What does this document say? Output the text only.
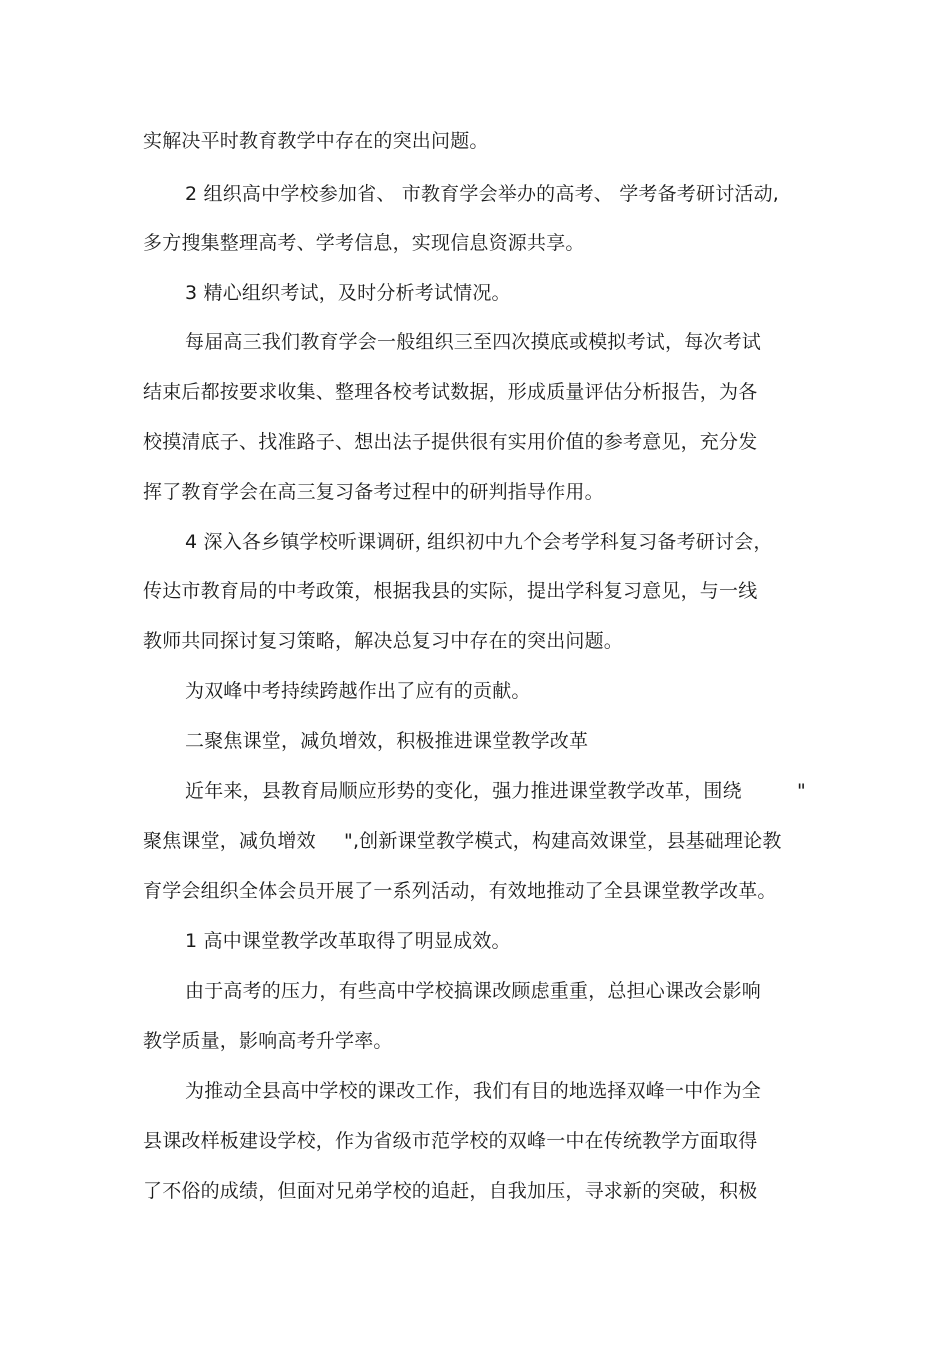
实解决平时教育教学中存在的突出问题。
2 组织高中学校参加省、 市教育学会举办的高考、 学考备考研讨活动,
多方搜集整理高考、学考信息，实现信息资源共享。
3 精心组织考试，及时分析考试情况。
每届高三我们教育学会一般组织三至四次摸底或模拟考试，每次考试
结束后都按要求收集、整理各校考试数据，形成质量评估分析报告，为各
校摸清底子、找准路子、想出法子提供很有实用价值的参考意见，充分发
挥了教育学会在高三复习备考过程中的研判指导作用。
4 深入各乡镇学校听课调研，
组织初中九个会考学科复习备考研讨会，
传达市教育局的中考政策，根据我县的实际，提出学科复习意见，与一线
教师共同探讨复习策略，解决总复习中存在的突出问题。
为双峰中考持续跨越作出了应有的贡献。
二聚焦课堂，减负增效，积极推进课堂教学改革
近年来，县教育局顺应形势的变化，强力推进课堂教学改革，围绕	"
聚焦课堂，减负增效 ",创新课堂教学模式，构建高效课堂，县基础理论教
育学会组织全体会员开展了一系列活动，有效地推动了全县课堂教学改革。
1 高中课堂教学改革取得了明显成效。
由于高考的压力，有些高中学校搞课改顾虑重重，总担心课改会影响
教学质量，影响高考升学率。
为推动全县高中学校的课改工作，我们有目的地选择双峰一中作为全
县课改样板建设学校，作为省级市范学校的双峰一中在传统教学方面取得
了不俗的成绩，但面对兄弟学校的追赶，自我加压，寻求新的突破，积极
